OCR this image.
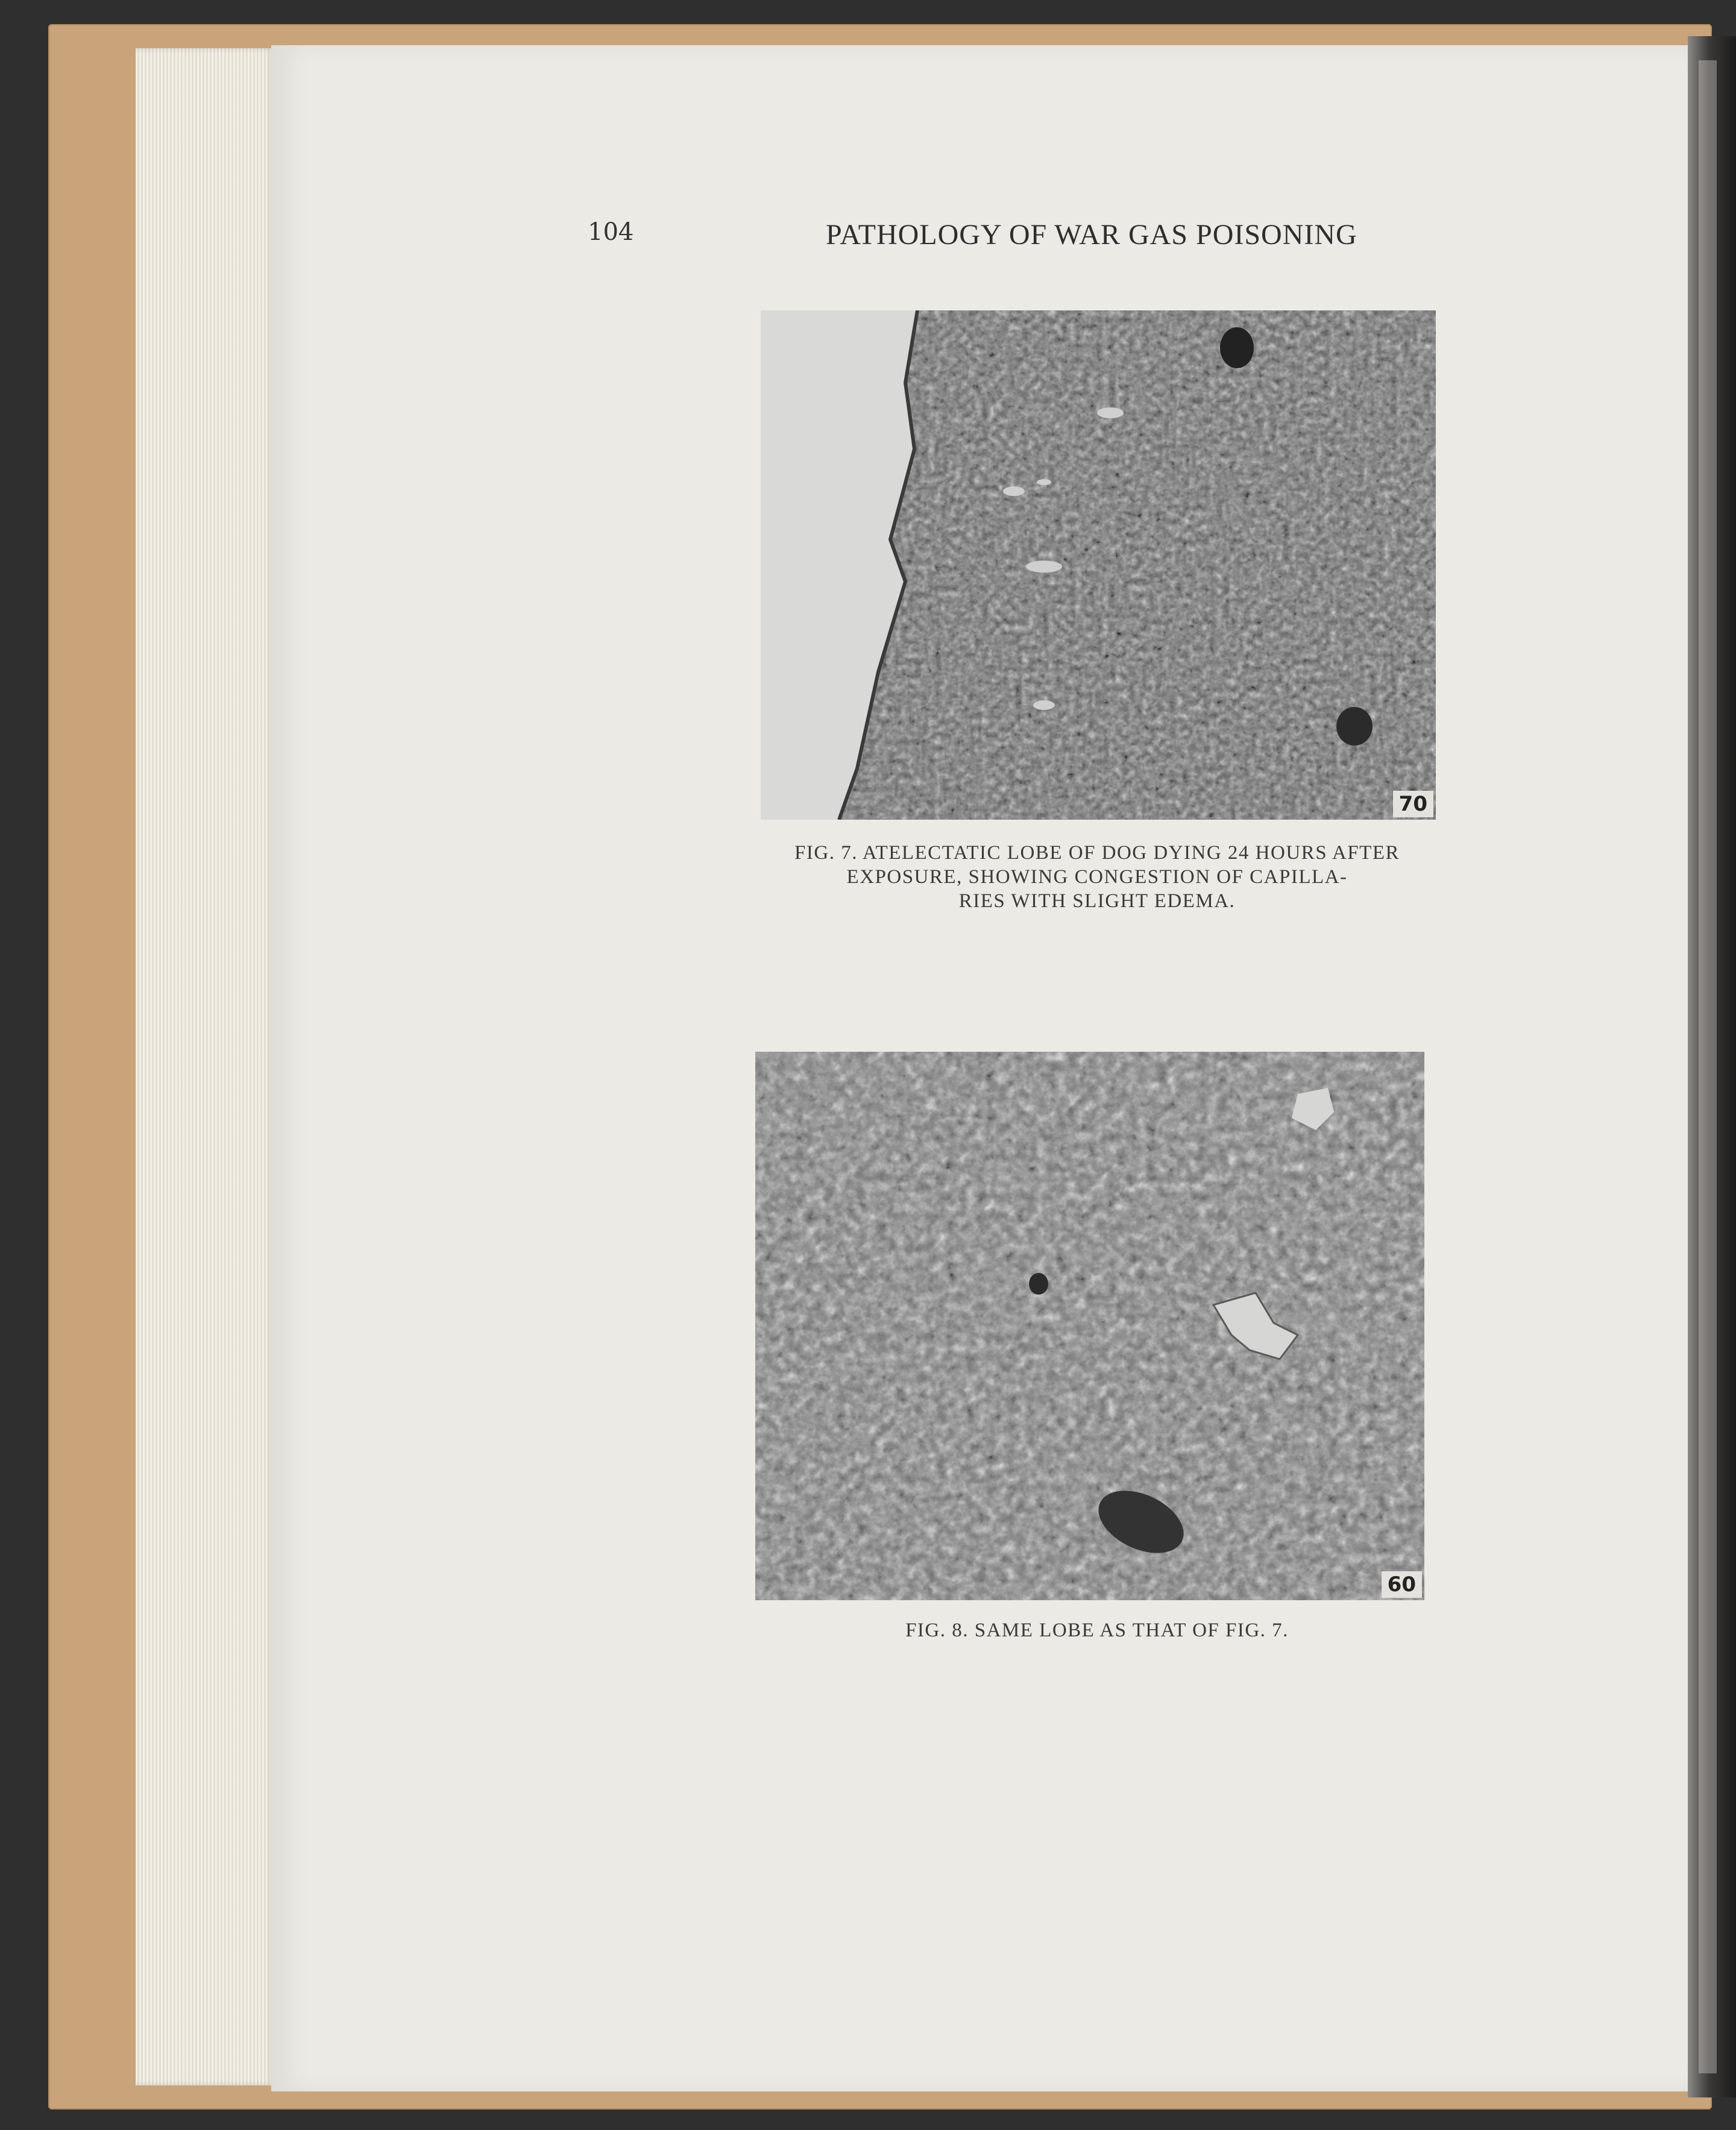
104	PATHOLOGY OF WAR GAS POISONING
70
FIG. 7. ATELECTATIC LOBE OF DOG DYING 24 HOURS AFTER
EXPOSURE, SHOWING CONGESTION OF CAPILLA-
RIES WITH SLIGHT EDEMA.
60
FIG. 8. SAME LOBE AS THAT OF FIG. 7.
